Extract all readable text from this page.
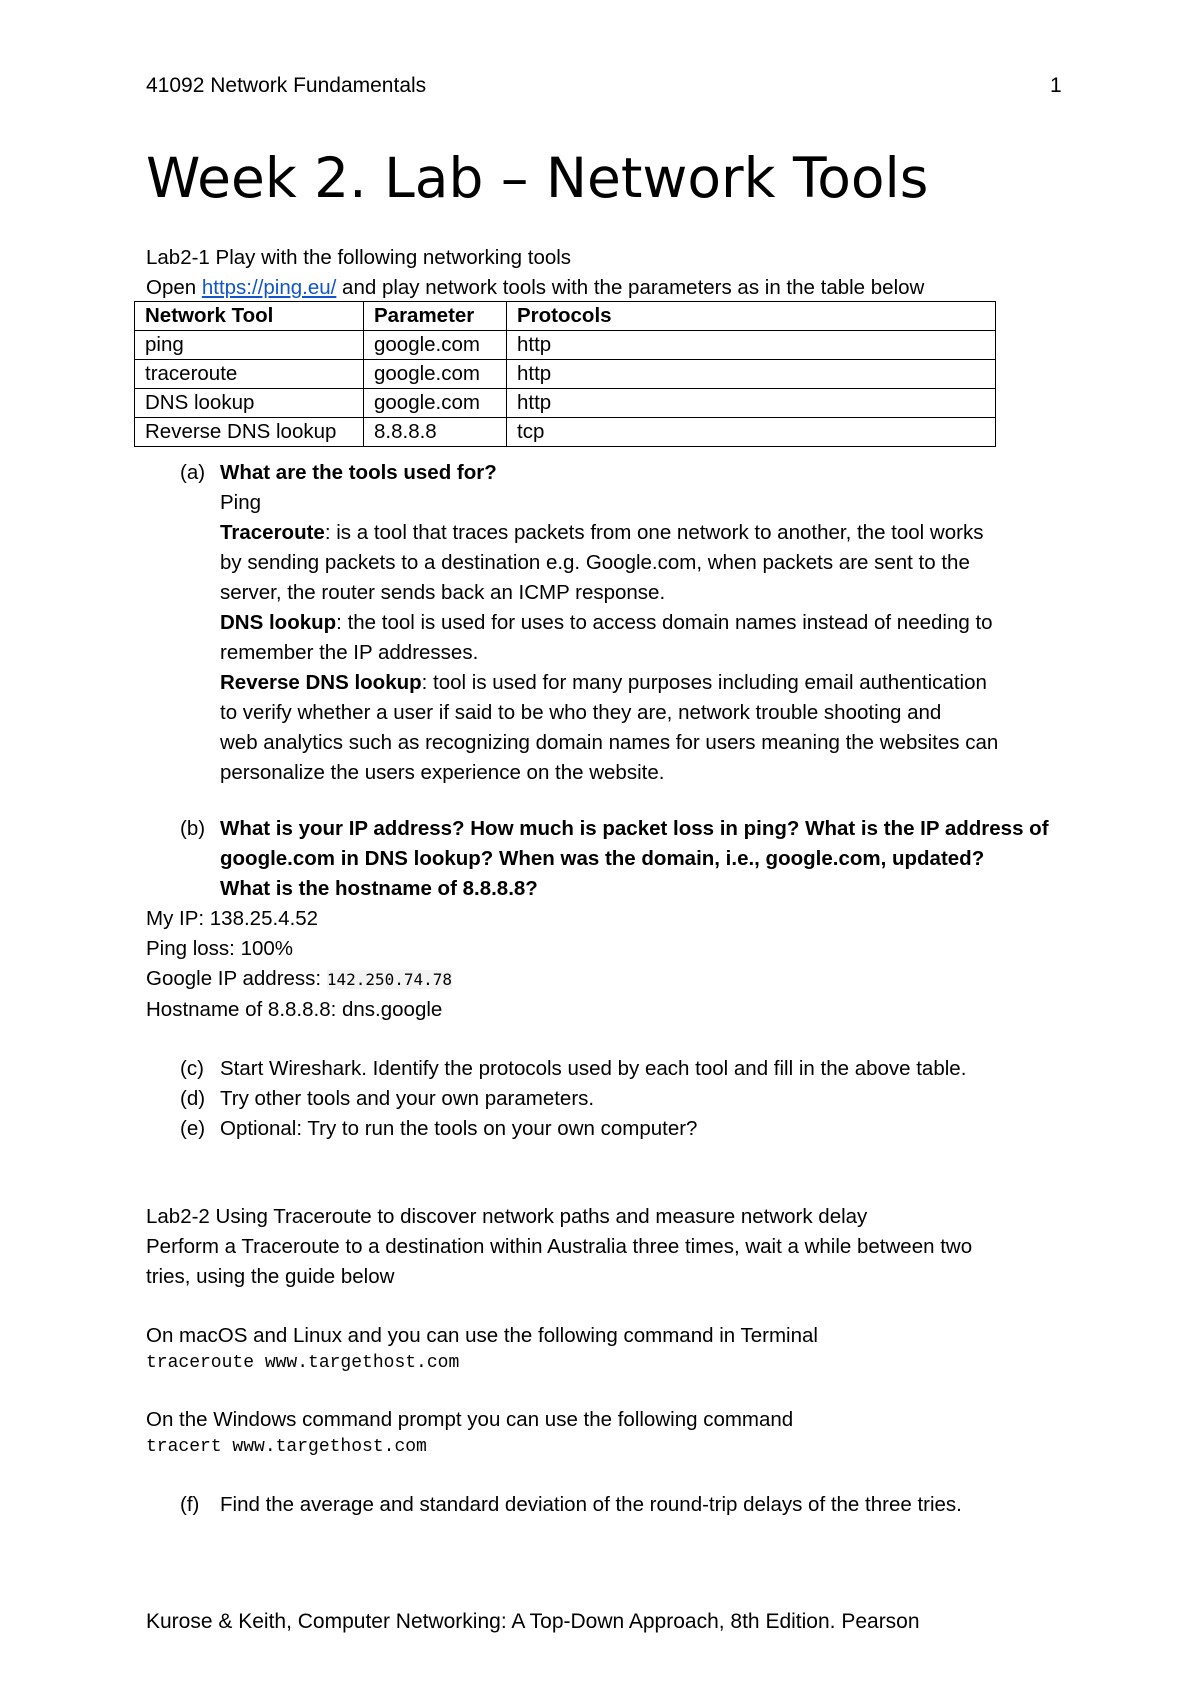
41092 Network Fundamentals	1
Week 2. Lab – Network Tools
Lab2-1 Play with the following networking tools
Open https://ping.eu/ and play network tools with the parameters as in the table below
Network Tool	Parameter	Protocols
ping	google.com	http
traceroute	google.com	http
DNS lookup	google.com	http
Reverse DNS lookup	8.8.8.8	tcp
(a) What are the tools used for?
Ping
Traceroute: is a tool that traces packets from one network to another, the tool works
by sending packets to a destination e.g. Google.com, when packets are sent to the
server, the router sends back an ICMP response.
DNS lookup: the tool is used for uses to access domain names instead of needing to
remember the IP addresses.
Reverse DNS lookup: tool is used for many purposes including email authentication
to verify whether a user if said to be who they are, network trouble shooting and
web analytics such as recognizing domain names for users meaning the websites can
personalize the users experience on the website.
(b) What is your IP address? How much is packet loss in ping? What is the IP address of
google.com in DNS lookup? When was the domain, i.e., google.com, updated?
What is the hostname of 8.8.8.8?
My IP: 138.25.4.52
Ping loss: 100%
Google IP address: 142.250.74.78
Hostname of 8.8.8.8: dns.google
(c) Start Wireshark. Identify the protocols used by each tool and fill in the above table.
(d) Try other tools and your own parameters.
(e) Optional: Try to run the tools on your own computer?
Lab2-2 Using Traceroute to discover network paths and measure network delay
Perform a Traceroute to a destination within Australia three times, wait a while between two
tries, using the guide below
On macOS and Linux and you can use the following command in Terminal
traceroute www.targethost.com
On the Windows command prompt you can use the following command
tracert www.targethost.com
(f) Find the average and standard deviation of the round-trip delays of the three tries.
Kurose & Keith, Computer Networking: A Top-Down Approach, 8th Edition. Pearson
